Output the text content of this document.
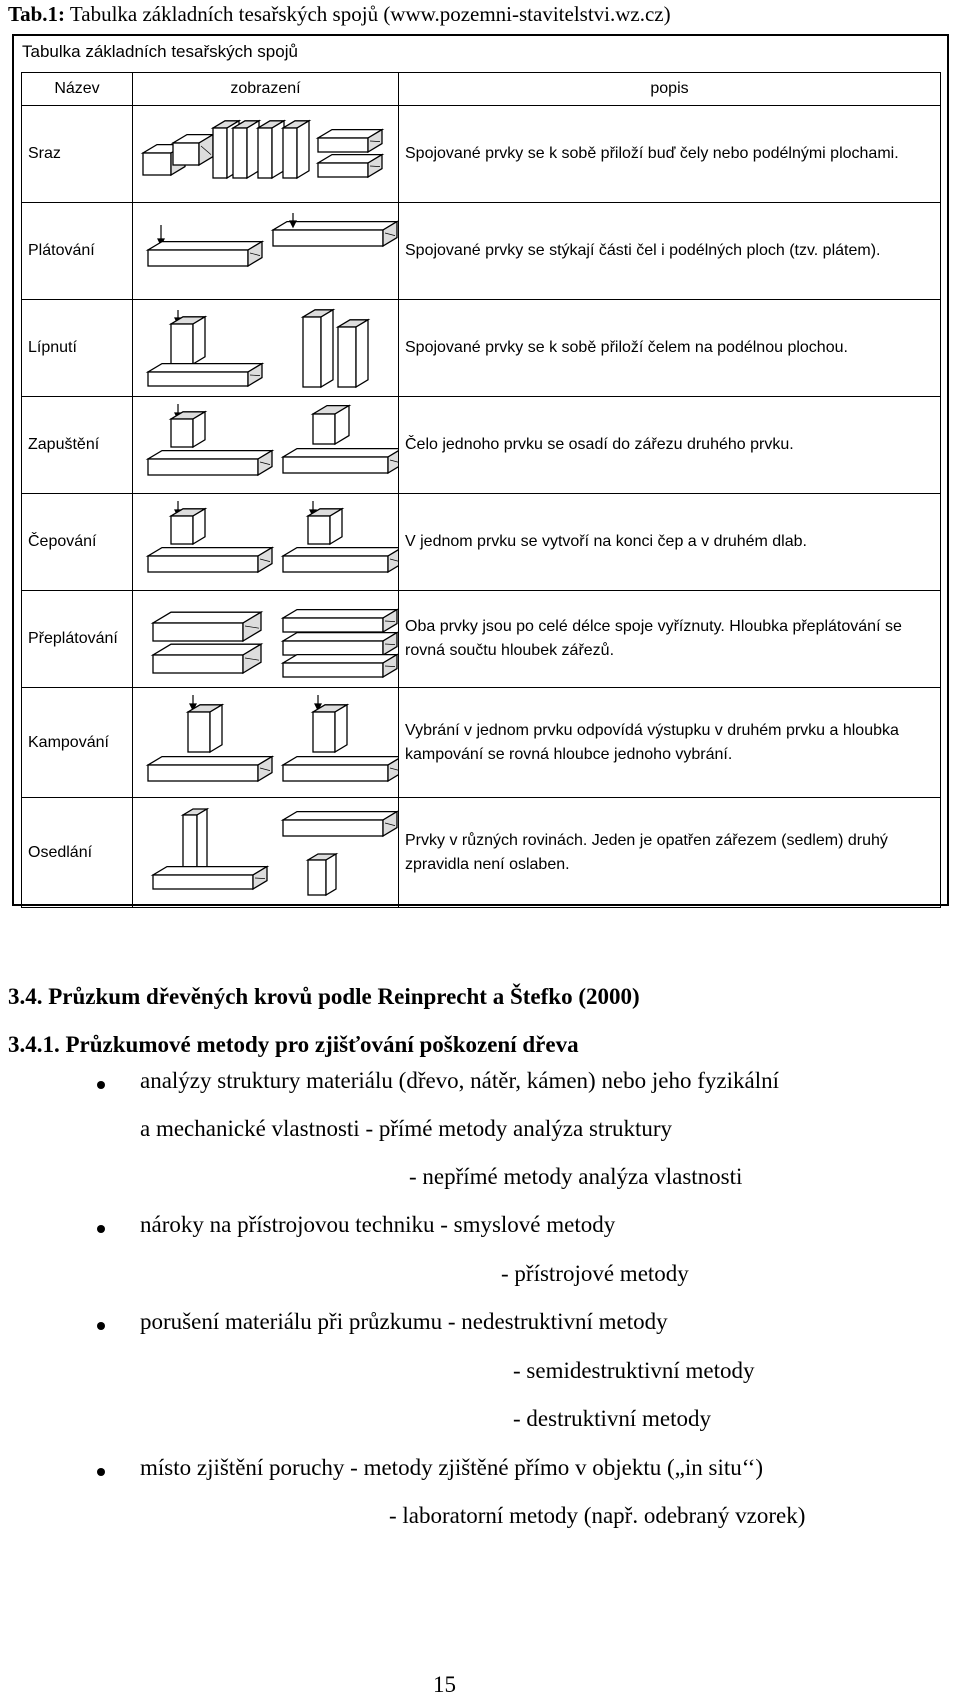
Tab.1: Tabulka základních tesařských spojů (www.pozemni-stavitelstvi.wz.cz)
Tabulka základních tesařských spojů
Název	zobrazení	popis
Sraz		Spojované prvky se k sobě přiloží buď čely nebo podélnými plochami.
Plátování		Spojované prvky se stýkají části čel i podélných ploch (tzv. plátem).
Lípnutí		Spojované prvky se k sobě přiloží čelem na podélnou plochou.
Zapuštění		Čelo jednoho prvku se osadí do zářezu druhého prvku.
Čepování		V jednom prvku se vytvoří na konci čep a v druhém dlab.
Přeplátování		Oba prvky jsou po celé délce spoje vyříznuty. Hloubka přeplátování se rovná součtu hloubek zářezů.
Kampování		Vybrání v jednom prvku odpovídá výstupku v druhém prvku a hloubka kampování se rovná hloubce jednoho vybrání.
Osedlání		Prvky v různých rovinách. Jeden je opatřen zářezem (sedlem) druhý zpravidla není oslaben.
3.4. Průzkum dřevěných krovů podle Reinprecht a Štefko (2000)
3.4.1. Průzkumové metody pro zjišťování poškození dřeva
analýzy struktury materiálu (dřevo, nátěr, kámen) nebo jeho fyzikální
a mechanické vlastnosti - přímé metody analýza struktury
- nepřímé metody analýza vlastnosti
nároky na přístrojovou techniku - smyslové metody
- přístrojové metody
porušení materiálu při průzkumu - nedestruktivní metody
- semidestruktivní metody
- destruktivní metody
místo zjištění poruchy - metody zjištěné přímo v objektu („in situ‘‘)
- laboratorní metody (např. odebraný vzorek)
15
